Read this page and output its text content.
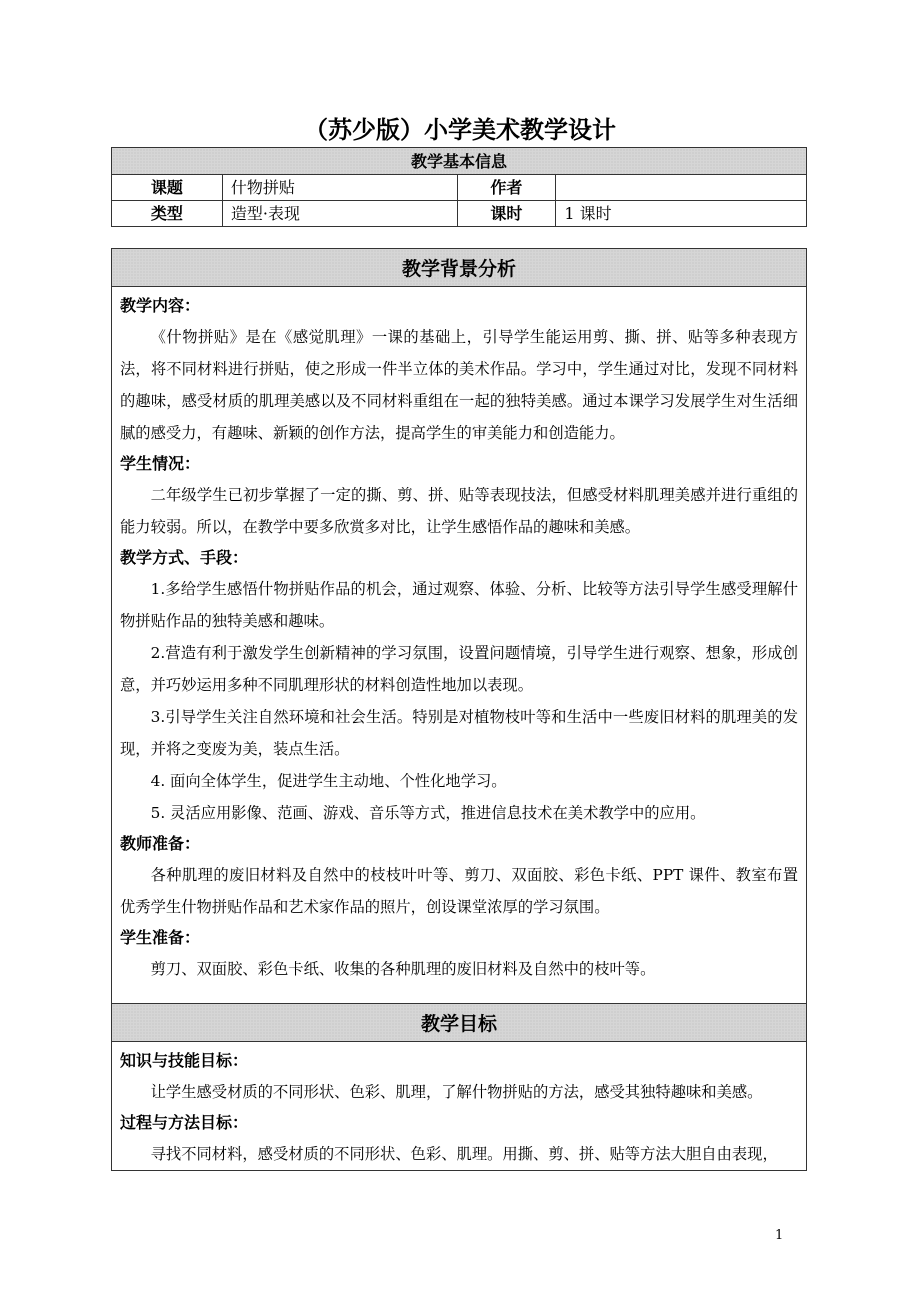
（苏少版）小学美术教学设计
教学基本信息			
课题	什物拼贴	作者	
类型	造型·表现	课时	1 课时
教学背景分析

教学内容：
《什物拼贴》是在《感觉肌理》一课的基础上，引导学生能运用剪、撕、拼、贴等多种表现方法，将不同材料进行拼贴，使之形成一件半立体的美术作品。学习中，学生通过对比，发现不同材料的趣味，感受材质的肌理美感以及不同材料重组在一起的独特美感。通过本课学习发展学生对生活细腻的感受力，有趣味、新颖的创作方法，提高学生的审美能力和创造能力。
学生情况：
二年级学生已初步掌握了一定的撕、剪、拼、贴等表现技法，但感受材料肌理美感并进行重组的能力较弱。所以，在教学中要多欣赏多对比，让学生感悟作品的趣味和美感。
教学方式、手段：
1.多给学生感悟什物拼贴作品的机会，通过观察、体验、分析、比较等方法引导学生感受理解什物拼贴作品的独特美感和趣味。
2.营造有利于激发学生创新精神的学习氛围，设置问题情境，引导学生进行观察、想象，形成创意，并巧妙运用多种不同肌理形状的材料创造性地加以表现。
3.引导学生关注自然环境和社会生活。特别是对植物枝叶等和生活中一些废旧材料的肌理美的发现，并将之变废为美，装点生活。
4. 面向全体学生，促进学生主动地、个性化地学习。
5. 灵活应用影像、范画、游戏、音乐等方式，推进信息技术在美术教学中的应用。
教师准备：
各种肌理的废旧材料及自然中的枝枝叶叶等、剪刀、双面胶、彩色卡纸、PPT 课件、教室布置优秀学生什物拼贴作品和艺术家作品的照片，创设课堂浓厚的学习氛围。
学生准备：
剪刀、双面胶、彩色卡纸、收集的各种肌理的废旧材料及自然中的枝叶等。

教学目标

知识与技能目标：
让学生感受材质的不同形状、色彩、肌理，了解什物拼贴的方法，感受其独特趣味和美感。
过程与方法目标：
寻找不同材料，感受材质的不同形状、色彩、肌理。用撕、剪、拼、贴等方法大胆自由表现，
1
